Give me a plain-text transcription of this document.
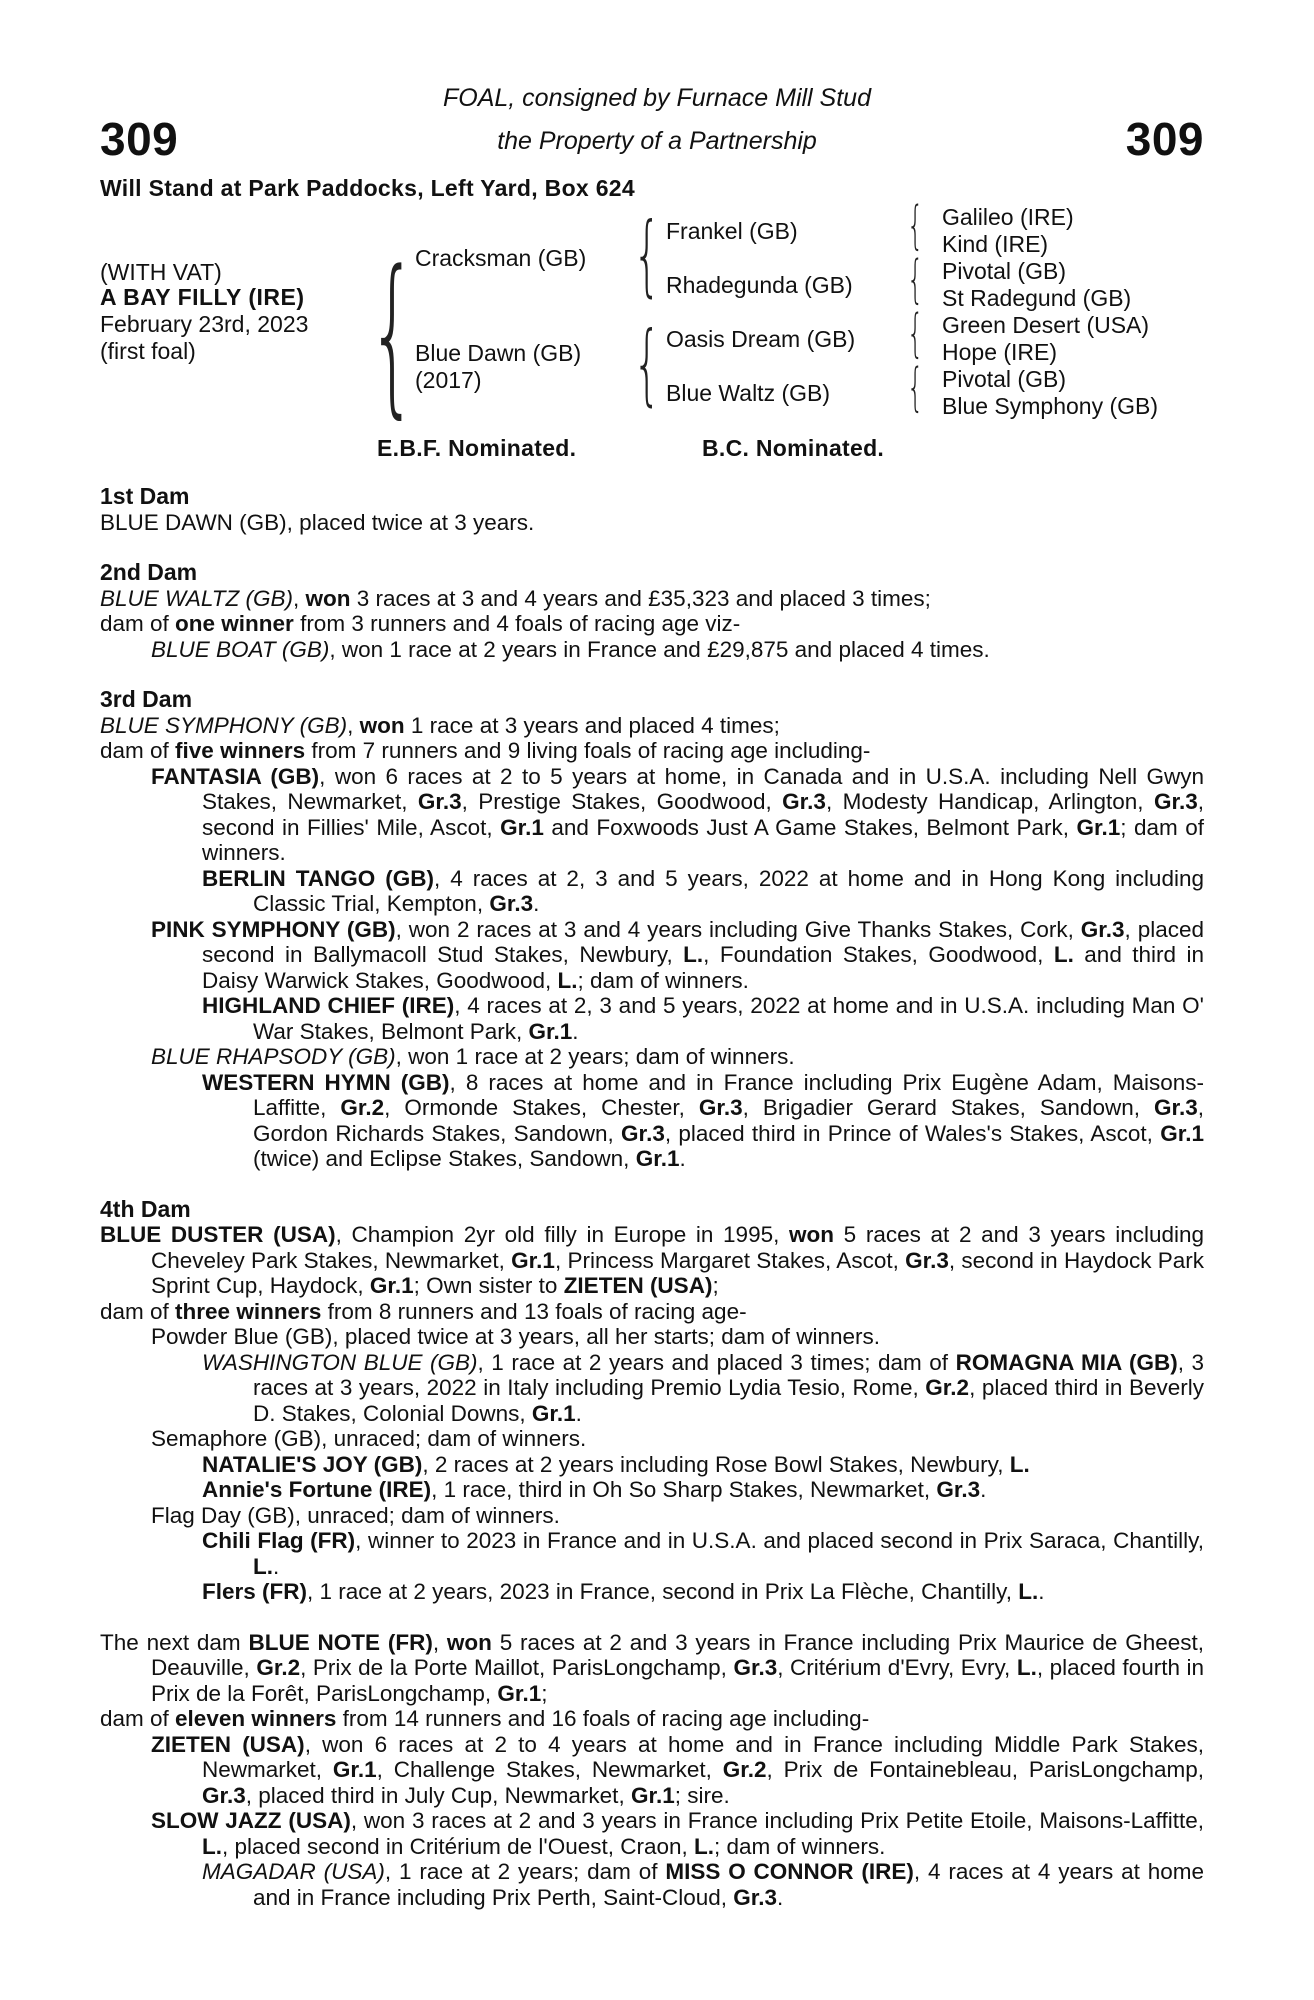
309	309
FOAL, consigned by Furnace Mill Stud
the Property of a Partnership
Will Stand at Park Paddocks, Left Yard, Box 624
(WITH VAT)
A BAY FILLY (IRE)
February 23rd, 2023
(first foal) {
Cracksman (GB)
Blue Dawn (GB)
(2017)
{
{
Frankel (GB)
Rhadegunda (GB)
Oasis Dream (GB)
Blue Waltz (GB)
{
{
{
{
Galileo (IRE)
Kind (IRE)
Pivotal (GB)
St Radegund (GB)
Green Desert (USA)
Hope (IRE)
Pivotal (GB)
Blue Symphony (GB)
E.B.F. Nominated.	B.C. Nominated.
1st Dam
BLUE DAWN (GB), placed twice at 3 years.
2nd Dam
BLUE WALTZ (GB), won 3 races at 3 and 4 years and £35,323 and placed 3 times;
dam of one winner from 3 runners and 4 foals of racing age viz-
BLUE BOAT (GB), won 1 race at 2 years in France and £29,875 and placed 4 times.
3rd Dam
BLUE SYMPHONY (GB), won 1 race at 3 years and placed 4 times;
dam of five winners from 7 runners and 9 living foals of racing age including-
FANTASIA (GB), won 6 races at 2 to 5 years at home, in Canada and in U.S.A. including Nell Gwyn Stakes, Newmarket, Gr.3, Prestige Stakes, Goodwood, Gr.3, Modesty Handicap, Arlington, Gr.3, second in Fillies' Mile, Ascot, Gr.1 and Foxwoods Just A Game Stakes, Belmont Park, Gr.1; dam of winners.
BERLIN TANGO (GB), 4 races at 2, 3 and 5 years, 2022 at home and in Hong Kong including Classic Trial, Kempton, Gr.3.
PINK SYMPHONY (GB), won 2 races at 3 and 4 years including Give Thanks Stakes, Cork, Gr.3, placed second in Ballymacoll Stud Stakes, Newbury, L., Foundation Stakes, Goodwood, L. and third in Daisy Warwick Stakes, Goodwood, L.; dam of winners.
HIGHLAND CHIEF (IRE), 4 races at 2, 3 and 5 years, 2022 at home and in U.S.A. including Man O' War Stakes, Belmont Park, Gr.1.
BLUE RHAPSODY (GB), won 1 race at 2 years; dam of winners.
WESTERN HYMN (GB), 8 races at home and in France including Prix Eugène Adam, Maisons-Laffitte, Gr.2, Ormonde Stakes, Chester, Gr.3, Brigadier Gerard Stakes, Sandown, Gr.3, Gordon Richards Stakes, Sandown, Gr.3, placed third in Prince of Wales's Stakes, Ascot, Gr.1 (twice) and Eclipse Stakes, Sandown, Gr.1.
4th Dam
BLUE DUSTER (USA), Champion 2yr old filly in Europe in 1995, won 5 races at 2 and 3 years including Cheveley Park Stakes, Newmarket, Gr.1, Princess Margaret Stakes, Ascot, Gr.3, second in Haydock Park Sprint Cup, Haydock, Gr.1; Own sister to ZIETEN (USA);
dam of three winners from 8 runners and 13 foals of racing age-
Powder Blue (GB), placed twice at 3 years, all her starts; dam of winners.
WASHINGTON BLUE (GB), 1 race at 2 years and placed 3 times; dam of ROMAGNA MIA (GB), 3 races at 3 years, 2022 in Italy including Premio Lydia Tesio, Rome, Gr.2, placed third in Beverly D. Stakes, Colonial Downs, Gr.1.
Semaphore (GB), unraced; dam of winners.
NATALIE'S JOY (GB), 2 races at 2 years including Rose Bowl Stakes, Newbury, L.
Annie's Fortune (IRE), 1 race, third in Oh So Sharp Stakes, Newmarket, Gr.3.
Flag Day (GB), unraced; dam of winners.
Chili Flag (FR), winner to 2023 in France and in U.S.A. and placed second in Prix Saraca, Chantilly, L..
Flers (FR), 1 race at 2 years, 2023 in France, second in Prix La Flèche, Chantilly, L..
The next dam BLUE NOTE (FR), won 5 races at 2 and 3 years in France including Prix Maurice de Gheest, Deauville, Gr.2, Prix de la Porte Maillot, ParisLongchamp, Gr.3, Critérium d'Evry, Evry, L., placed fourth in Prix de la Forêt, ParisLongchamp, Gr.1;
dam of eleven winners from 14 runners and 16 foals of racing age including-
ZIETEN (USA), won 6 races at 2 to 4 years at home and in France including Middle Park Stakes, Newmarket, Gr.1, Challenge Stakes, Newmarket, Gr.2, Prix de Fontainebleau, ParisLongchamp, Gr.3, placed third in July Cup, Newmarket, Gr.1; sire.
SLOW JAZZ (USA), won 3 races at 2 and 3 years in France including Prix Petite Etoile, Maisons-Laffitte, L., placed second in Critérium de l'Ouest, Craon, L.; dam of winners.
MAGADAR (USA), 1 race at 2 years; dam of MISS O CONNOR (IRE), 4 races at 4 years at home and in France including Prix Perth, Saint-Cloud, Gr.3.
